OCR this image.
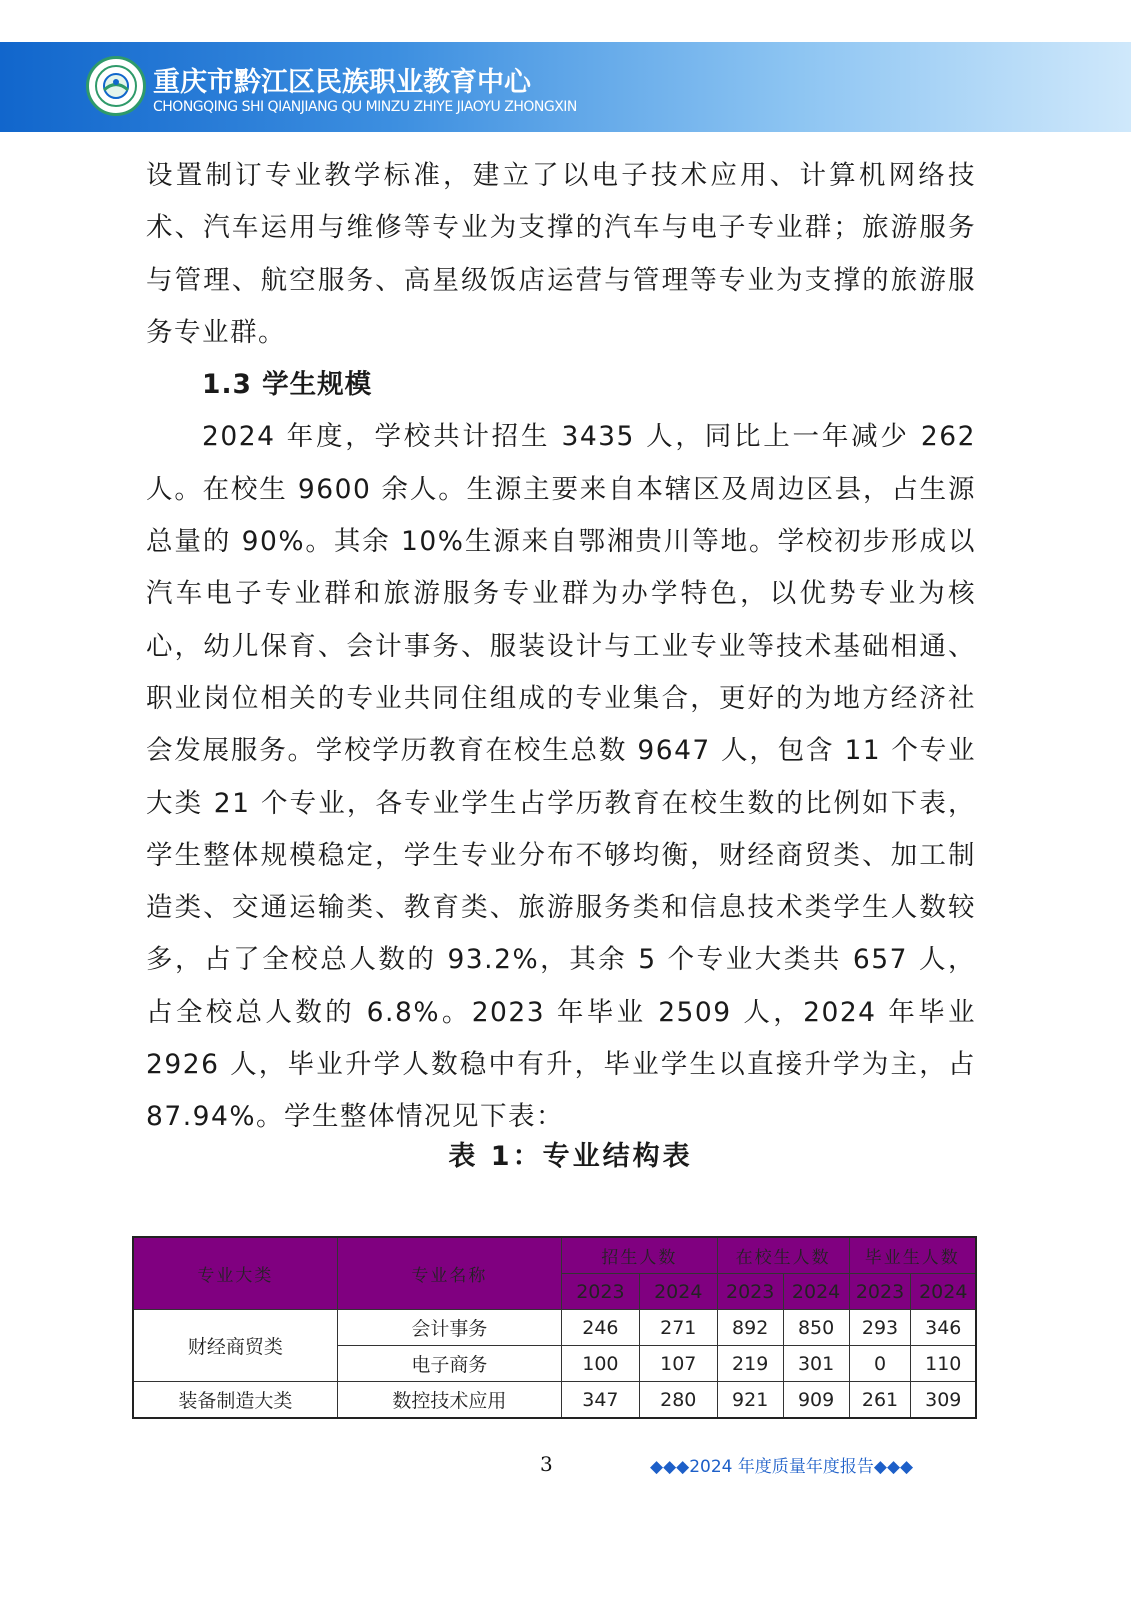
重庆市黔江区民族职业教育中心
CHONGQING SHI QIANJIANG QU MINZU ZHIYE JIAOYU ZHONGXIN

设置制订专业教学标准，建立了以电子技术应用、计算机网络技术、汽车运用与维修等专业为支撑的汽车与电子专业群；旅游服务与管理、航空服务、高星级饭店运营与管理等专业为支撑的旅游服务专业群。

1.3 学生规模

2024 年度，学校共计招生 3435 人，同比上一年减少 262 人。在校生 9600 余人。生源主要来自本辖区及周边区县，占生源总量的 90%。其余 10%生源来自鄂湘贵川等地。学校初步形成以汽车电子专业群和旅游服务专业群为办学特色，以优势专业为核心，幼儿保育、会计事务、服装设计与工业专业等技术基础相通、职业岗位相关的专业共同住组成的专业集合，更好的为地方经济社会发展服务。学校学历教育在校生总数 9647 人，包含 11 个专业大类 21 个专业，各专业学生占学历教育在校生数的比例如下表，学生整体规模稳定，学生专业分布不够均衡，财经商贸类、加工制造类、交通运输类、教育类、旅游服务类和信息技术类学生人数较多，占了全校总人数的 93.2%，其余 5 个专业大类共 657 人，占全校总人数的 6.8%。2023 年毕业 2509 人，2024 年毕业 2926 人，毕业升学人数稳中有升，毕业学生以直接升学为主，占 87.94%。学生整体情况见下表：

表 1：专业结构表
专业大类	专业名称	招生人数		在校生人数		毕业生人数	
		2023	2024	2023	2024	2023	2024
财经商贸类	会计事务	246	271	892	850	293	346
	电子商务	100	107	219	301	0	110
装备制造大类	数控技术应用	347	280	921	909	261	309
3	◆◆◆2024 年度质量年度报告◆◆◆
